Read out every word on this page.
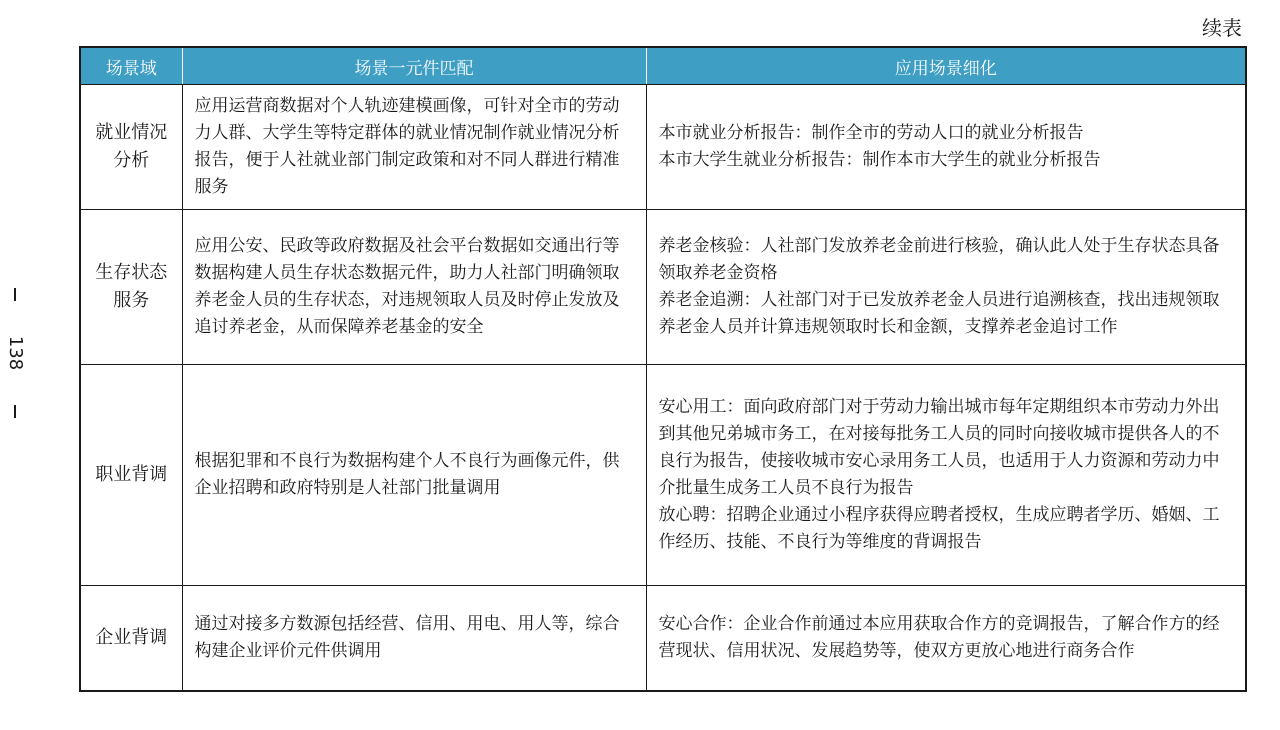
续表
138
场景域	场景一元件匹配	应用场景细化

就业情况
分析	应用运营商数据对个人轨迹建模画像，可针对全市的劳动力人群、大学生等特定群体的就业情况制作就业情况分析报告，便于人社就业部门制定政策和对不同人群进行精准服务	本市就业分析报告：制作全市的劳动人口的就业分析报告
本市大学生就业分析报告：制作本市大学生的就业分析报告

生存状态
服务	应用公安、民政等政府数据及社会平台数据如交通出行等数据构建人员生存状态数据元件，助力人社部门明确领取养老金人员的生存状态，对违规领取人员及时停止发放及追讨养老金，从而保障养老基金的安全	养老金核验：人社部门发放养老金前进行核验，确认此人处于生存状态具备领取养老金资格
养老金追溯：人社部门对于已发放养老金人员进行追溯核查，找出违规领取养老金人员并计算违规领取时长和金额，支撑养老金追讨工作

职业背调	根据犯罪和不良行为数据构建个人不良行为画像元件，供企业招聘和政府特别是人社部门批量调用	安心用工：面向政府部门对于劳动力输出城市每年定期组织本市劳动力外出到其他兄弟城市务工，在对接每批务工人员的同时向接收城市提供各人的不良行为报告，使接收城市安心录用务工人员，也适用于人力资源和劳动力中介批量生成务工人员不良行为报告
放心聘：招聘企业通过小程序获得应聘者授权，生成应聘者学历、婚姻、工作经历、技能、不良行为等维度的背调报告

企业背调	通过对接多方数源包括经营、信用、用电、用人等，综合构建企业评价元件供调用	安心合作：企业合作前通过本应用获取合作方的竞调报告，了解合作方的经营现状、信用状况、发展趋势等，使双方更放心地进行商务合作
